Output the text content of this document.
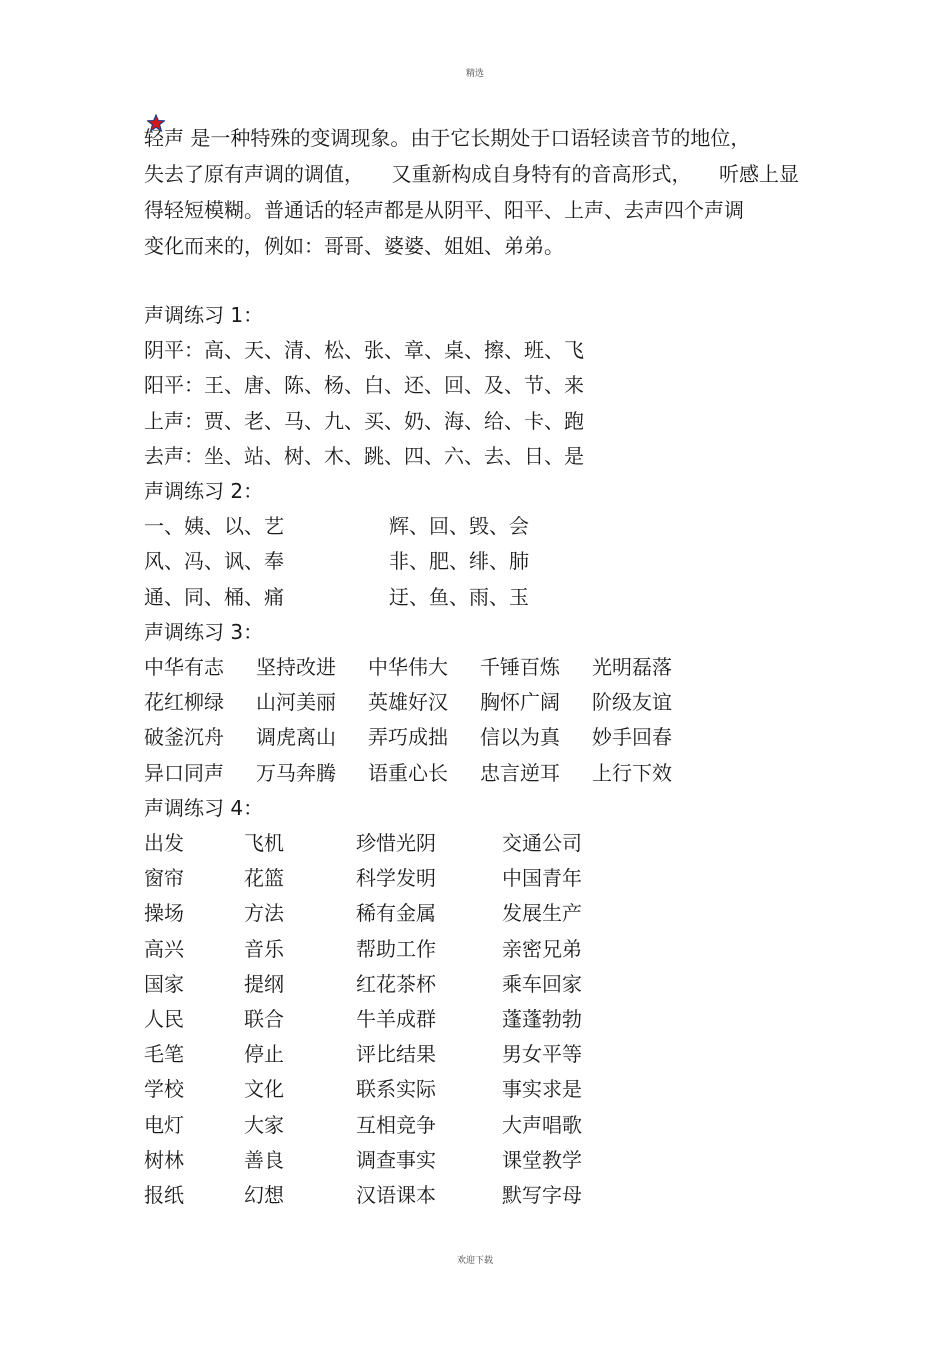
精选
轻声
是一种特殊的变调现象。由于它长期处于口语轻读音节的地位，
失去了原有声调的调值， 又重新构成自身特有的音高形式， 听感上显
得轻短模糊。普通话的轻声都是从阴平、阳平、上声、去声四个声调
变化而来的，例如：哥哥、婆婆、姐姐、弟弟。
声调练习 1：
阴平：高、天、清、松、张、章、桌、擦、班、飞
阳平：王、唐、陈、杨、白、还、回、及、节、来
上声：贾、老、马、九、买、奶、海、给、卡、跑
去声：坐、站、树、木、跳、四、六、去、日、是
声调练习 2：
一、姨、以、艺	辉、回、毁、会
风、冯、讽、奉	非、肥、绯、肺
通、同、桶、痛	迂、鱼、雨、玉
声调练习 3：
中华有志 坚持改进 中华伟大 千锤百炼 光明磊落
花红柳绿 山河美丽 英雄好汉 胸怀广阔 阶级友谊
破釜沉舟 调虎离山 弄巧成拙 信以为真 妙手回春
异口同声 万马奔腾 语重心长 忠言逆耳 上行下效
声调练习 4：
出发	飞机	珍惜光阴	交通公司
窗帘	花篮	科学发明	中国青年
操场	方法	稀有金属	发展生产
高兴	音乐	帮助工作	亲密兄弟
国家	提纲	红花茶杯	乘车回家
人民	联合	牛羊成群	蓬蓬勃勃
毛笔	停止	评比结果	男女平等
学校	文化	联系实际	事实求是
电灯	大家	互相竞争	大声唱歌
树林	善良	调查事实	课堂教学
报纸	幻想	汉语课本	默写字母
欢迎下载
